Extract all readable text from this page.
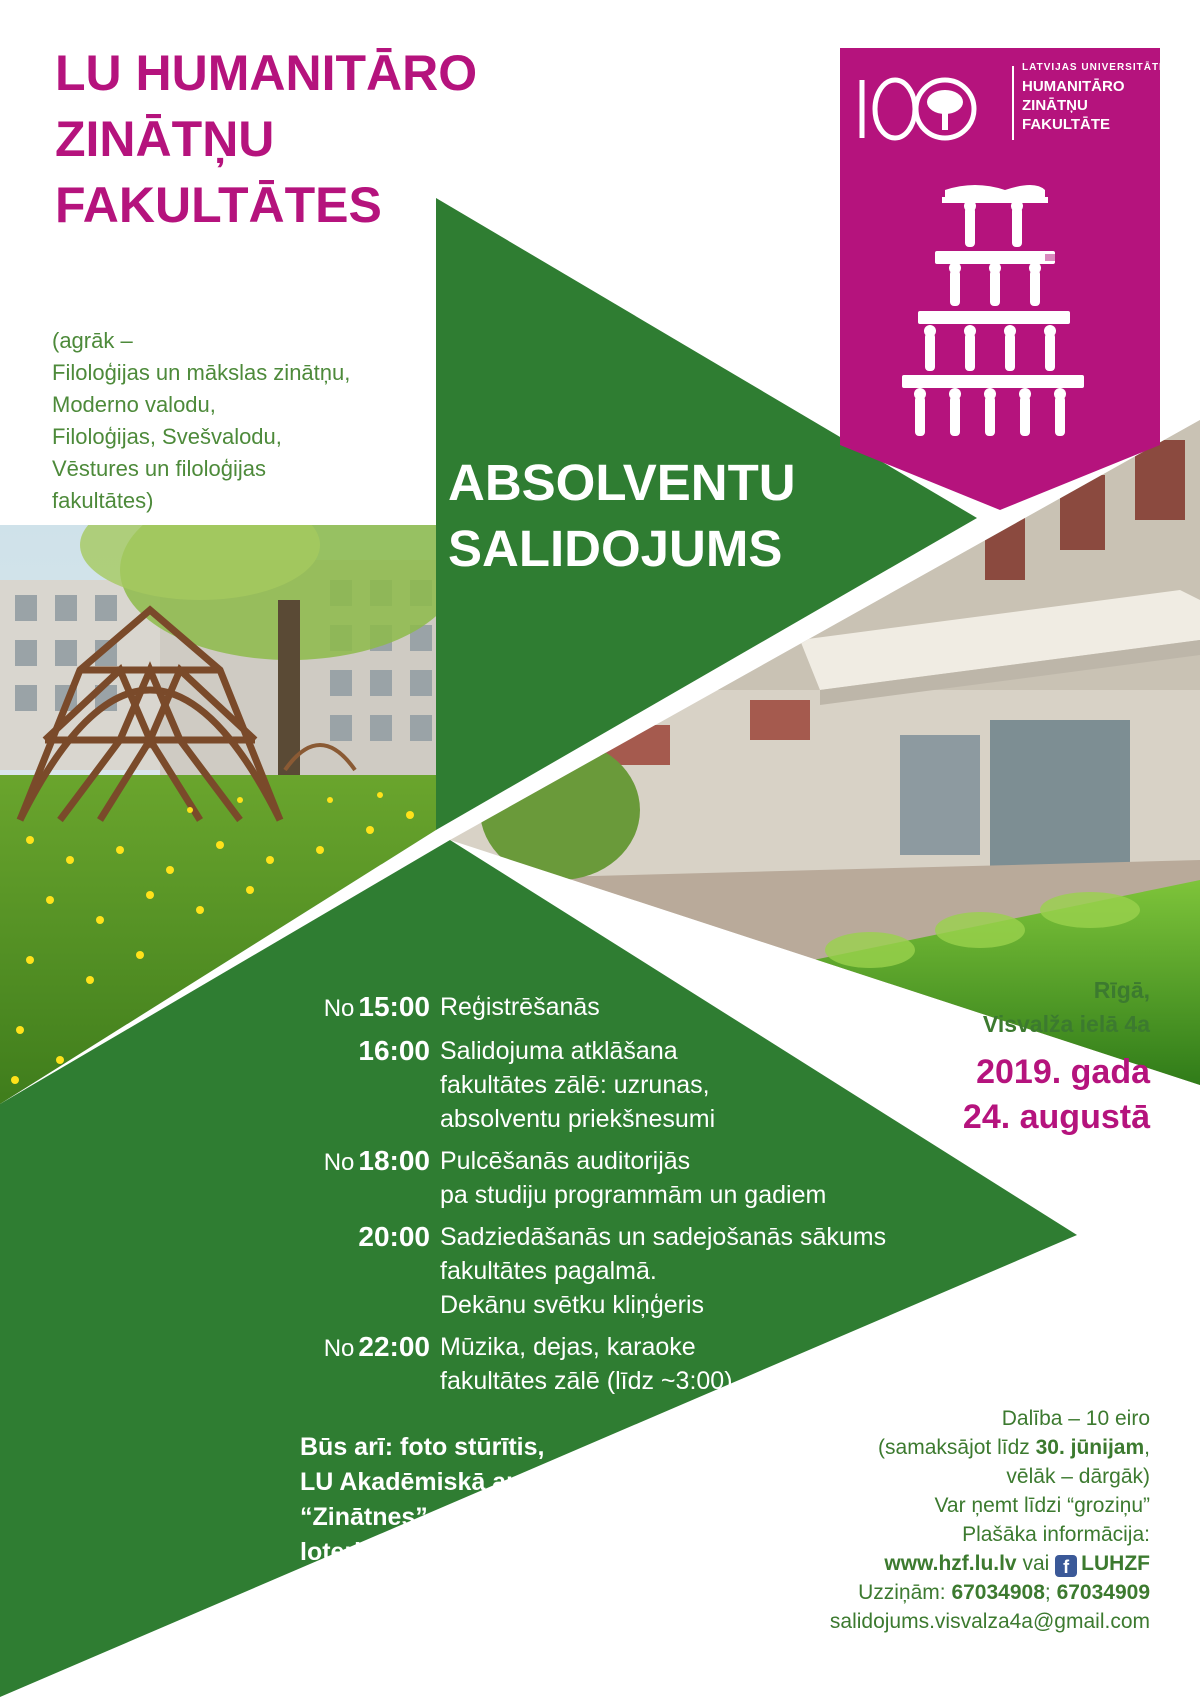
LATVIJAS UNIVERSITĀTE
HUMANITĀRO
ZINĀTŅU
FAKULTĀTE
LU HUMANITĀRO
ZINĀTŅU
FAKULTĀTES
(agrāk –
Filoloģijas un mākslas zinātņu,
Moderno valodu,
Filoloģijas, Svešvalodu,
Vēstures un filoloģijas
fakultātes)	ABSOLVENTU
SALIDOJUMS
No 15:00 Reģistrēšanās
16:00 Salidojuma atklāšana
fakultātes zālē: uzrunas,
absolventu priekšnesumi
No 18:00 Pulcēšanās auditorijās
pa studiju programmām un gadiem
20:00 Sadziedāšanās un sadejošanās sākums
fakultātes pagalmā.
Dekānu svētku kliņģeris
No 22:00 Mūzika, dejas, karaoke
fakultātes zālē (līdz ~3:00)
Būs arī: foto stūrītis,
LU Akadēmiskā apgāda un
“Zinātnes” grāmatu galds,
loterija u. c.
Rīgā,
Visvalža ielā 4a
2019. gada
24. augustā
Dalība – 10 eiro
(samaksājot līdz 30. jūnijam,
vēlāk – dārgāk)
Var ņemt līdzi “groziņu”
Plašāka informācija:
www.hzf.lu.lv vai f LUHZF
Uzziņām: 67034908; 67034909
salidojums.visvalza4a@gmail.com
